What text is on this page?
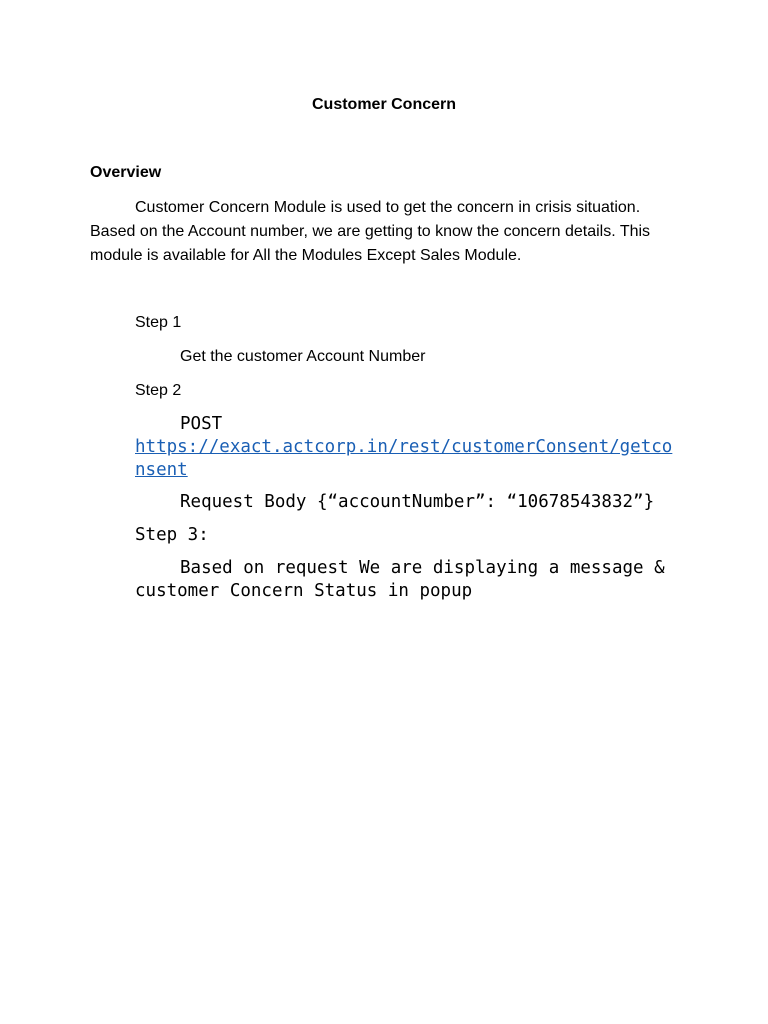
Customer Concern
Overview

Customer Concern Module is used to get the concern in crisis situation. Based on the Account number, we are getting to know the concern details. This module is available for All the Modules Except Sales Module.

Step 1
Get the customer Account Number
Step 2
POST
https://exact.actcorp.in/rest/customerConsent/getconsent
Request Body {“accountNumber”: “10678543832”}
Step 3:

Based on request We are displaying a message & customer Concern Status in popup
